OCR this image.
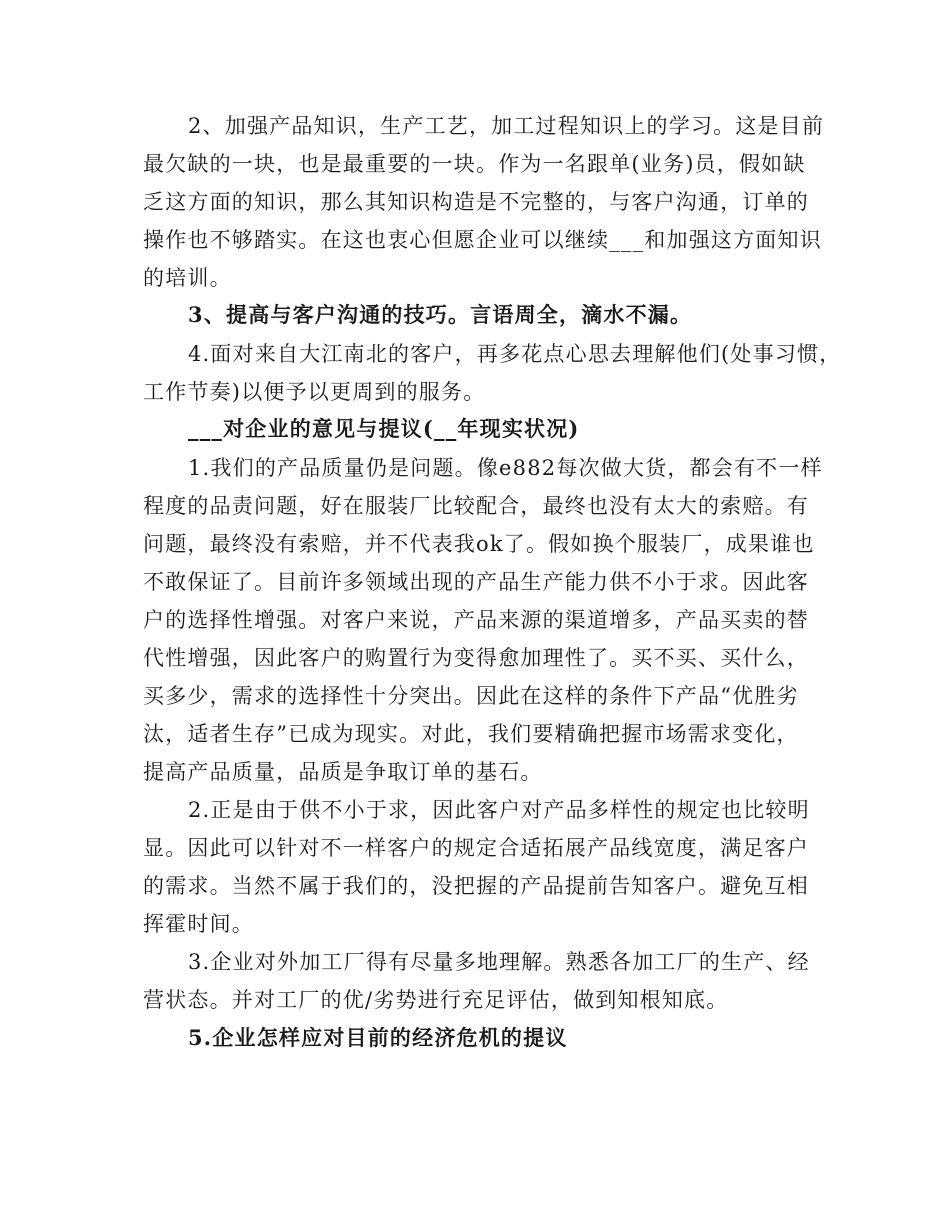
2、加强产品知识，生产工艺，加工过程知识上的学习。这是目前
最欠缺的一块，也是最重要的一块。作为一名跟单(业务)员，假如缺
乏这方面的知识，那么其知识构造是不完整的，与客户沟通，订单的
操作也不够踏实。在这也衷心但愿企业可以继续___和加强这方面知识
的培训。
3、提高与客户沟通的技巧。言语周全，滴水不漏。
4.面对来自大江南北的客户，再多花点心思去理解他们(处事习惯，
工作节奏)以便予以更周到的服务。
___对企业的意见与提议(__年现实状况)
1.我们的产品质量仍是问题。像e882每次做大货，都会有不一样
程度的品责问题，好在服装厂比较配合，最终也没有太大的索赔。有
问题，最终没有索赔，并不代表我ok了。假如换个服装厂，成果谁也
不敢保证了。目前许多领域出现的产品生产能力供不小于求。因此客
户的选择性增强。对客户来说，产品来源的渠道增多，产品买卖的替
代性增强，因此客户的购置行为变得愈加理性了。买不买、买什么，
买多少，需求的选择性十分突出。因此在这样的条件下产品“优胜劣
汰，适者生存”已成为现实。对此，我们要精确把握市场需求变化，
提高产品质量，品质是争取订单的基石。
2.正是由于供不小于求，因此客户对产品多样性的规定也比较明
显。因此可以针对不一样客户的规定合适拓展产品线宽度，满足客户
的需求。当然不属于我们的，没把握的产品提前告知客户。避免互相
挥霍时间。
3.企业对外加工厂得有尽量多地理解。熟悉各加工厂的生产、经
营状态。并对工厂的优/劣势进行充足评估，做到知根知底。
5.企业怎样应对目前的经济危机的提议
